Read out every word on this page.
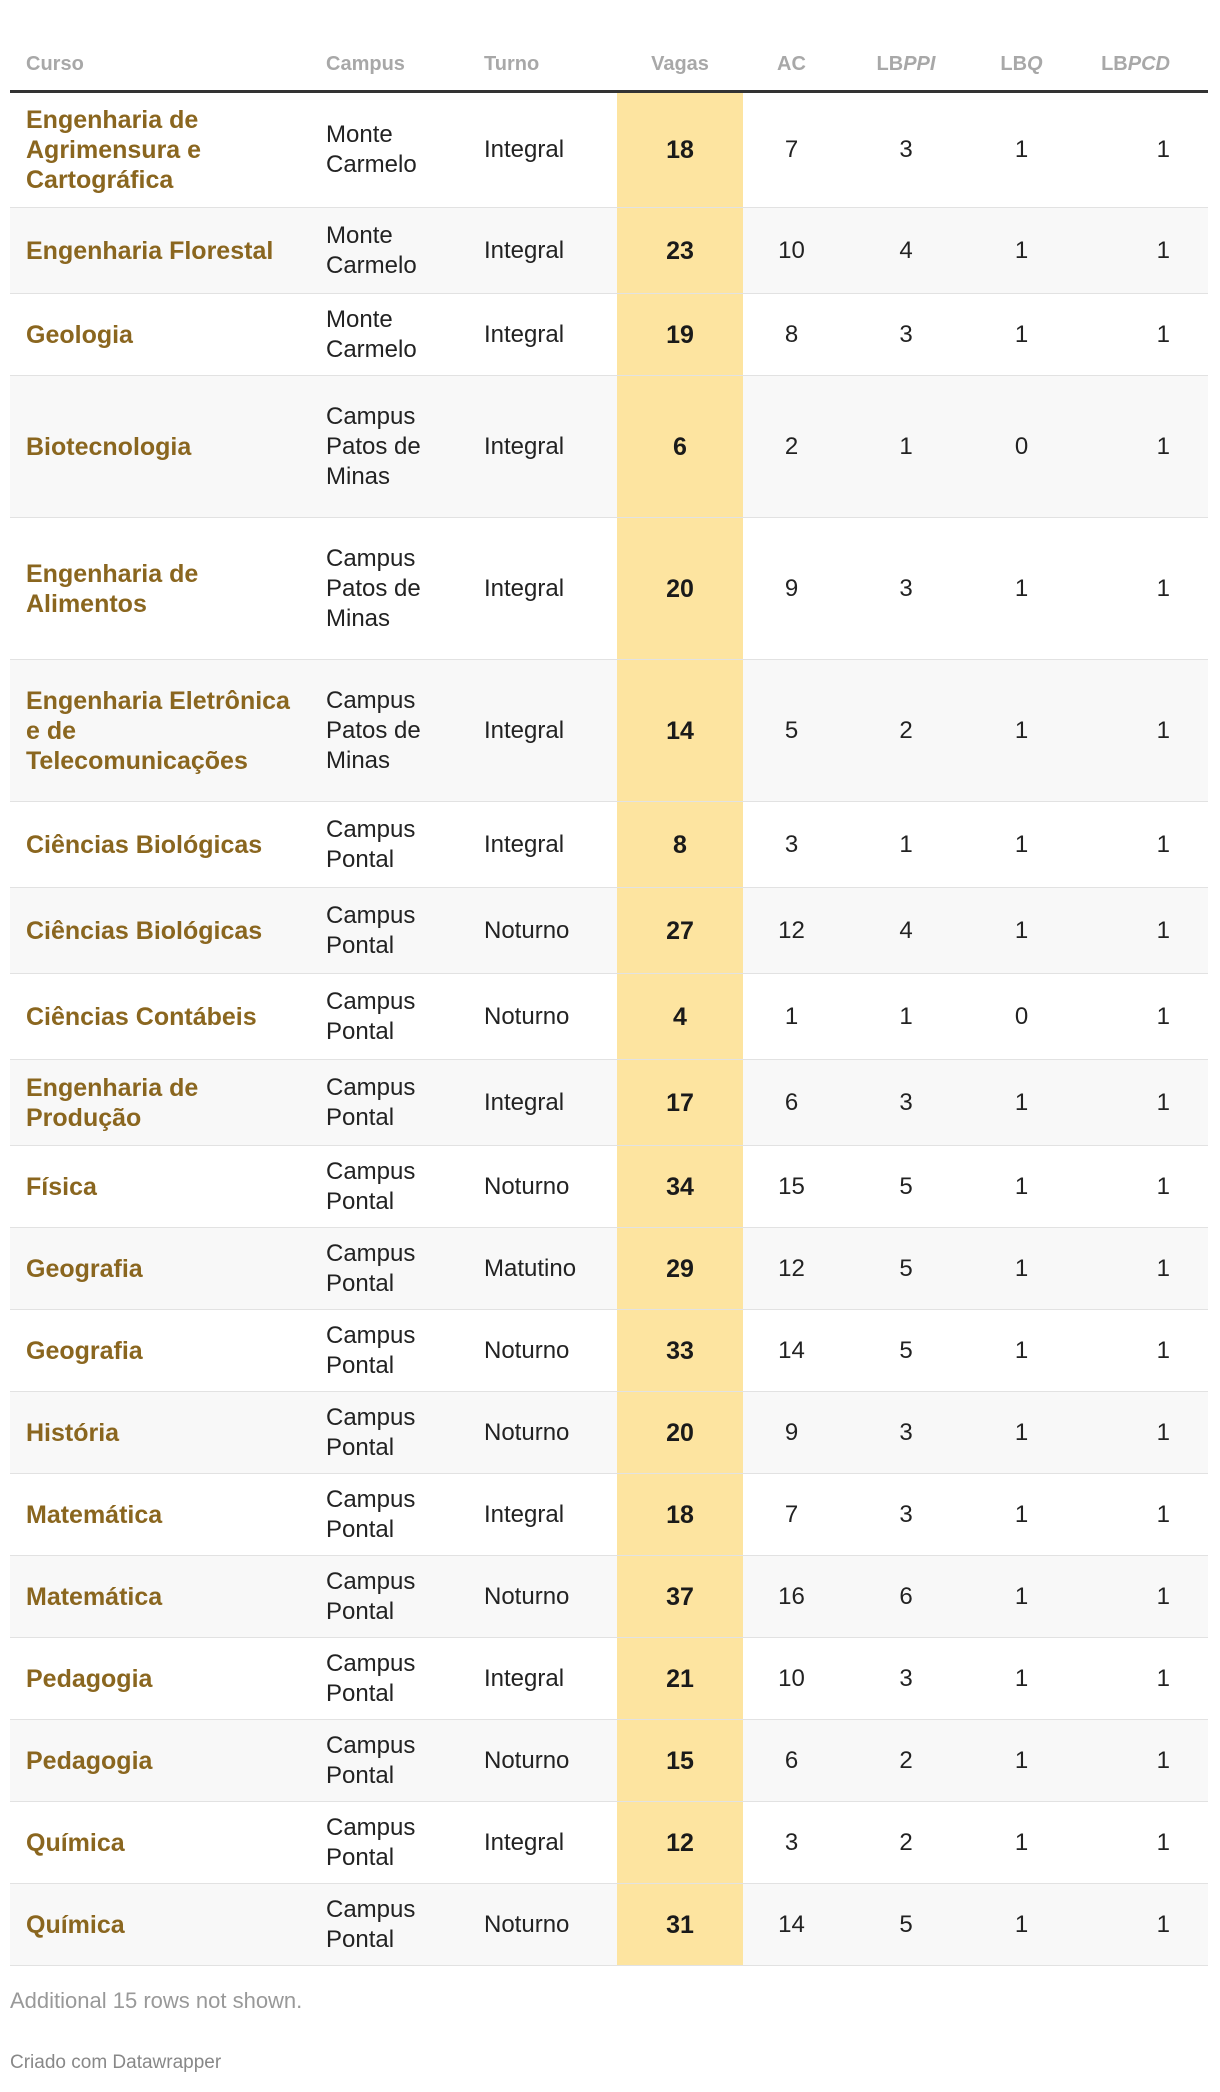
Curso	Campus	Turno	Vagas	AC	LBPPI	LBQ	LBPCD
Engenharia de Agrimensura e Cartográfica	Monte Carmelo	Integral	18	7	3	1	1
Engenharia Florestal	Monte Carmelo	Integral	23	10	4	1	1
Geologia	Monte Carmelo	Integral	19	8	3	1	1
Biotecnologia	Campus Patos de Minas	Integral	6	2	1	0	1
Engenharia de Alimentos	Campus Patos de Minas	Integral	20	9	3	1	1
Engenharia Eletrônica e de Telecomunicações	Campus Patos de Minas	Integral	14	5	2	1	1
Ciências Biológicas	Campus Pontal	Integral	8	3	1	1	1
Ciências Biológicas	Campus Pontal	Noturno	27	12	4	1	1
Ciências Contábeis	Campus Pontal	Noturno	4	1	1	0	1
Engenharia de Produção	Campus Pontal	Integral	17	6	3	1	1
Física	Campus Pontal	Noturno	34	15	5	1	1
Geografia	Campus Pontal	Matutino	29	12	5	1	1
Geografia	Campus Pontal	Noturno	33	14	5	1	1
História	Campus Pontal	Noturno	20	9	3	1	1
Matemática	Campus Pontal	Integral	18	7	3	1	1
Matemática	Campus Pontal	Noturno	37	16	6	1	1
Pedagogia	Campus Pontal	Integral	21	10	3	1	1
Pedagogia	Campus Pontal	Noturno	15	6	2	1	1
Química	Campus Pontal	Integral	12	3	2	1	1
Química	Campus Pontal	Noturno	31	14	5	1	1
Additional 15 rows not shown.
Criado com Datawrapper
